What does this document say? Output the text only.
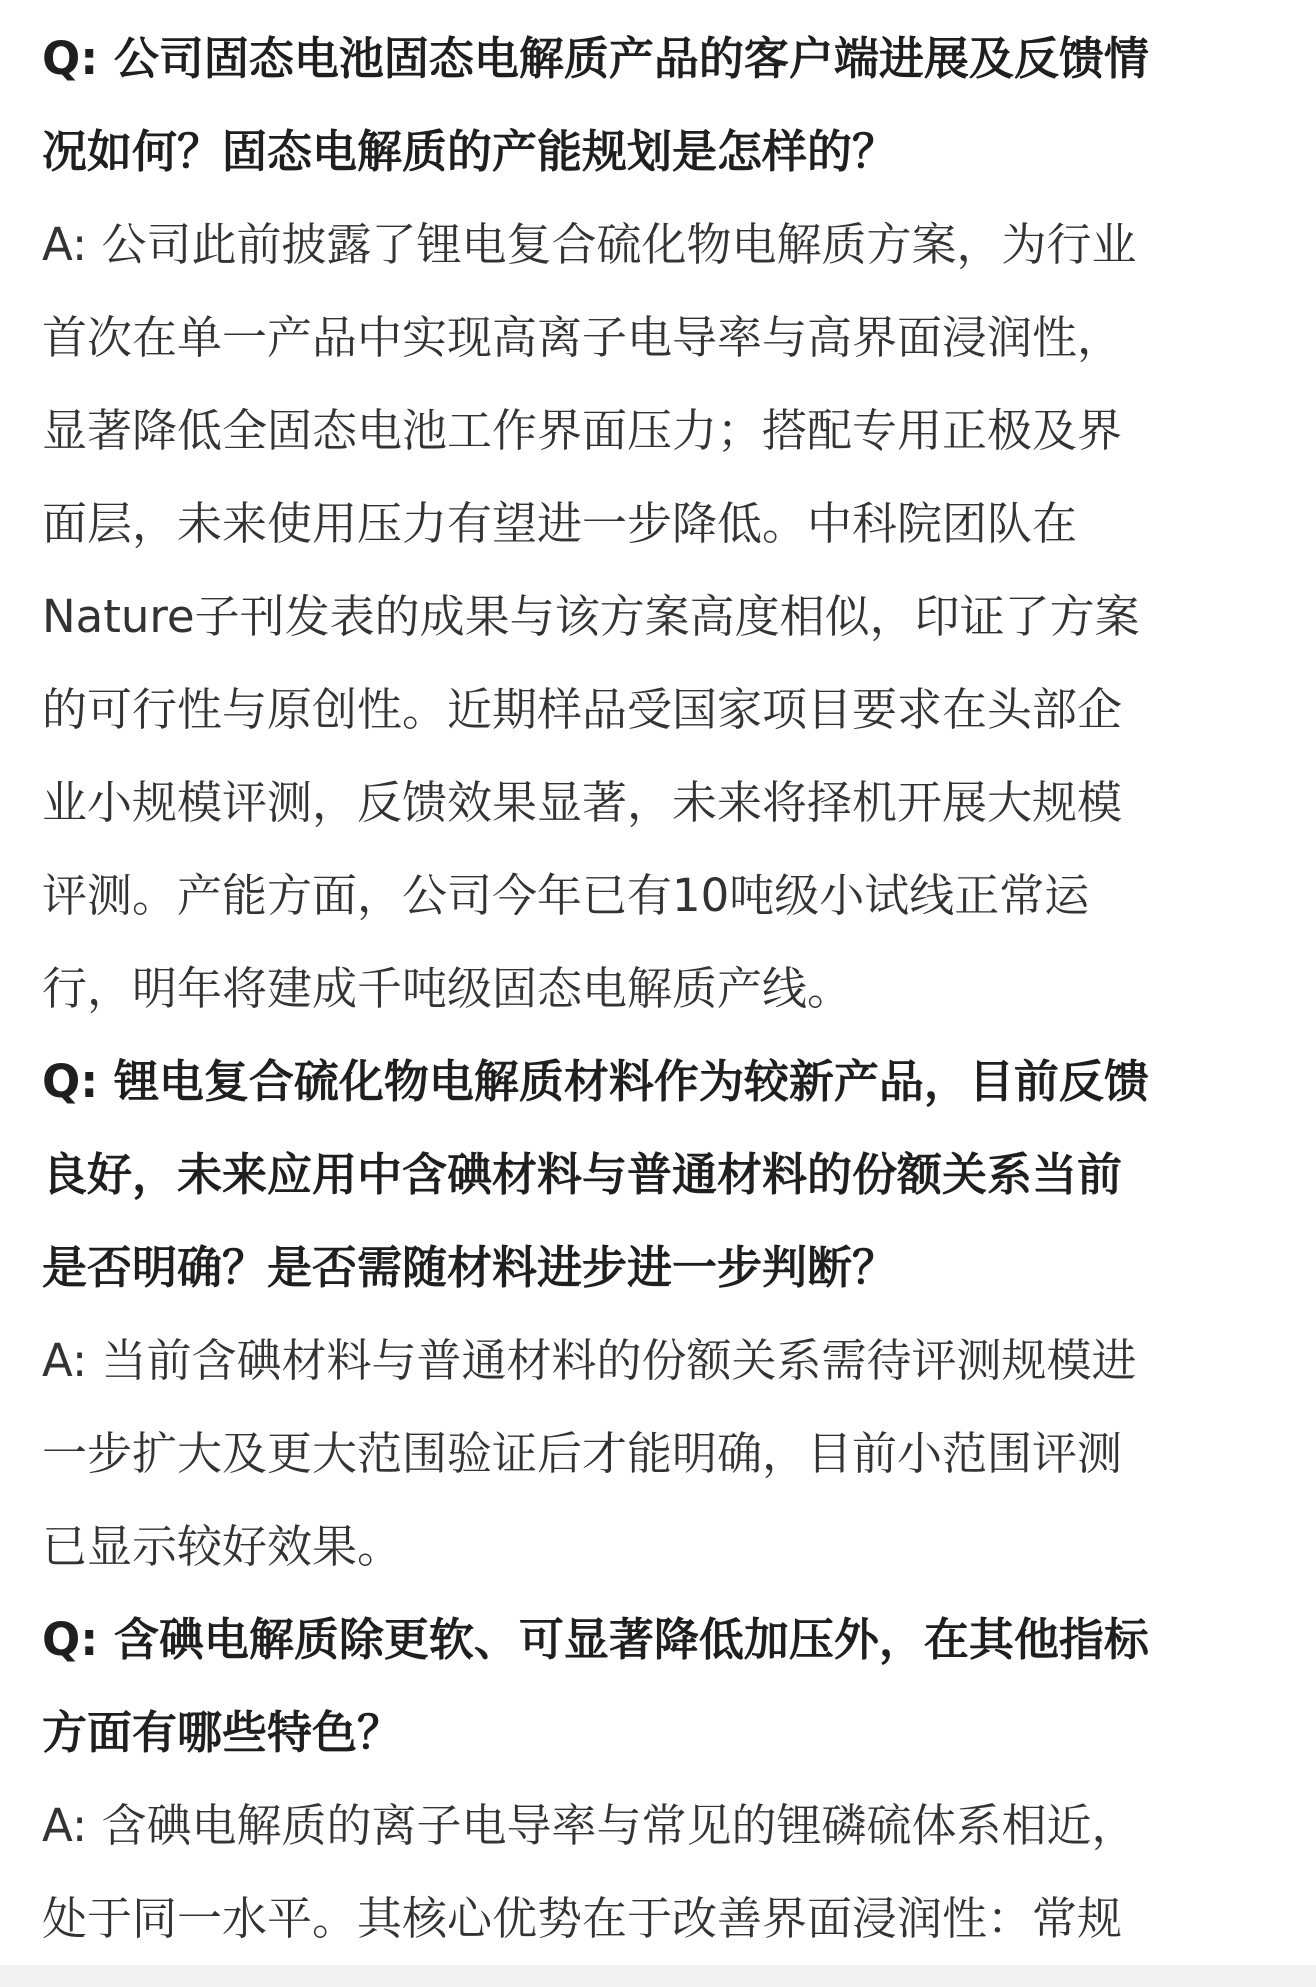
Q: 公司固态电池固态电解质产品的客户端进展及反馈情
况如何？固态电解质的产能规划是怎样的？
A: 公司此前披露了锂电复合硫化物电解质方案，为行业
首次在单一产品中实现高离子电导率与高界面浸润性，
显著降低全固态电池工作界面压力；搭配专用正极及界
面层，未来使用压力有望进一步降低。中科院团队在
Nature子刊发表的成果与该方案高度相似，印证了方案
的可行性与原创性。近期样品受国家项目要求在头部企
业小规模评测，反馈效果显著，未来将择机开展大规模
评测。产能方面，公司今年已有10吨级小试线正常运
行，明年将建成千吨级固态电解质产线。
Q: 锂电复合硫化物电解质材料作为较新产品，目前反馈
良好，未来应用中含碘材料与普通材料的份额关系当前
是否明确？是否需随材料进步进一步判断？
A: 当前含碘材料与普通材料的份额关系需待评测规模进
一步扩大及更大范围验证后才能明确，目前小范围评测
已显示较好效果。
Q: 含碘电解质除更软、可显著降低加压外，在其他指标
方面有哪些特色？
A: 含碘电解质的离子电导率与常见的锂磷硫体系相近，
处于同一水平。其核心优势在于改善界面浸润性：常规
